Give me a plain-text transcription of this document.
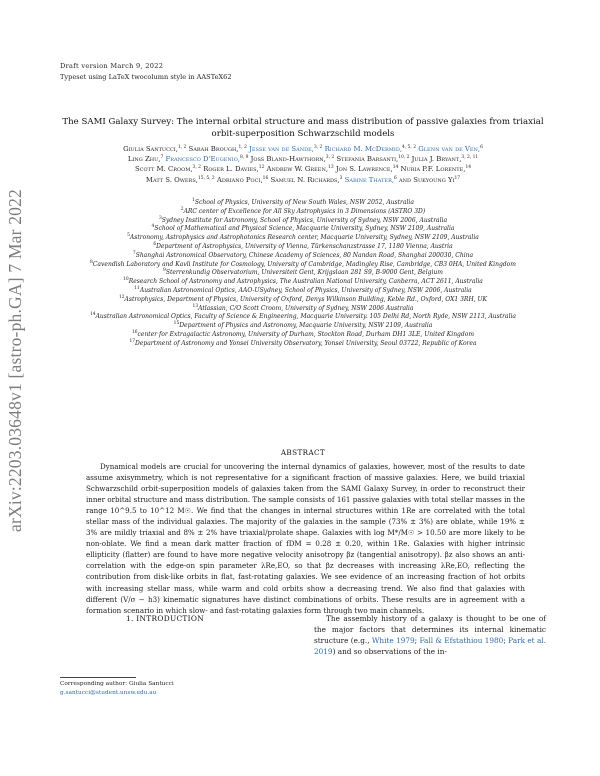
arXiv:2203.03648v1 [astro-ph.GA] 7 Mar 2022
Draft version March 9, 2022
Typeset using LaTeX twocolumn style in AASTeX62
The SAMI Galaxy Survey: The internal orbital structure and mass distribution of passive galaxies from triaxial orbit-superposition Schwarzschild models
Giulia Santucci,$^{1, 2}$ Sarah Brough,$^{1, 2}$ Jesse van de Sande,$^{3, 2}$ Richard M. McDermid,$^{4, 5, 2}$ Glenn van de Ven,$^6$
Ling Zhu,$^7$ Francesco D'Eugenio,$^{8, 9}$ Joss Bland-Hawthorn,$^{3, 2}$ Stefania Barsanti,$^{10, 2}$ Julia J. Bryant,$^{3, 2, 11}$
Scott M. Croom,$^{3, 2}$ Roger L. Davies,$^{12}$ Andrew W. Green,$^{13}$ Jon S. Lawrence,$^{14}$ Nuria P.F. Lorente,$^{14}$
Matt S. Owers,$^{15, 5, 2}$ Adriano Poci,$^{16}$ Samuel N. Richards,$^3$ Sabine Thater,$^6$ and Sukyoung Yi$^{17}$
$^1$School of Physics, University of New South Wales, NSW 2052, Australia
$^2$ARC center of Excellence for All Sky Astrophysics in 3 Dimensions (ASTRO 3D)
$^3$Sydney Institute for Astronomy, School of Physics, University of Sydney, NSW 2006, Australia
$^4$School of Mathematical and Physical Science, Macquarie University, Sydney, NSW 2109, Australia
$^5$Astronomy, Astrophysics and Astrophotonics Research center, Macquarie University, Sydney, NSW 2109, Australia
$^6$Department of Astrophysics, University of Vienna, Türkenschanzstrasse 17, 1180 Vienna, Austria
$^7$Shanghai Astronomical Observatory, Chinese Academy of Sciences, 80 Nandan Road, Shanghai 200030, China
$^8$Cavendish Laboratory and Kavli Institute for Cosmology, University of Cambridge, Madingley Rise, Cambridge, CB3 0HA, United Kingdom
$^9$Sterrenkundig Observatorium, Universiteit Gent, Krijgslaan 281 S9, B-9000 Gent, Belgium
$^{10}$Research School of Astronomy and Astrophysics, The Australian National University, Canberra, ACT 2611, Australia
$^{11}$Australian Astronomical Optics, AAO-USydney, School of Physics, University of Sydney, NSW 2006, Australia
$^{12}$Astrophysics, Department of Physics, University of Oxford, Denys Wilkinson Building, Keble Rd., Oxford, OX1 3RH, UK
$^{13}$Atlassian, C/O Scott Croom, University of Sydney, NSW 2006 Australia
$^{14}$Australian Astronomical Optics, Faculty of Science & Engineering, Macquarie University. 105 Delhi Rd, North Ryde, NSW 2113, Australia
$^{15}$Department of Physics and Astronomy, Macquarie University, NSW 2109, Australia
$^{16}$center for Extragalactic Astronomy, University of Durham, Stockton Road, Durham DH1 3LE, United Kingdom
$^{17}$Department of Astronomy and Yonsei University Observatory, Yonsei University, Seoul 03722, Republic of Korea
ABSTRACT
Dynamical models are crucial for uncovering the internal dynamics of galaxies, however, most of the results to date assume axisymmetry, which is not representative for a significant fraction of massive galaxies. Here, we build triaxial Schwarzschild orbit-superposition models of galaxies taken from the SAMI Galaxy Survey, in order to reconstruct their inner orbital structure and mass distribution. The sample consists of 161 passive galaxies with total stellar masses in the range 10^9.5 to 10^12 M☉. We find that the changes in internal structures within 1Re are correlated with the total stellar mass of the individual galaxies. The majority of the galaxies in the sample (73% ± 3%) are oblate, while 19% ± 3% are mildly triaxial and 8% ± 2% have triaxial/prolate shape. Galaxies with log M*/M☉ > 10.50 are more likely to be non-oblate. We find a mean dark matter fraction of fDM = 0.28 ± 0.20, within 1Re. Galaxies with higher intrinsic ellipticity (flatter) are found to have more negative velocity anisotropy βz (tangential anisotropy). βz also shows an anti-correlation with the edge-on spin parameter λRe,EO, so that βz decreases with increasing λRe,EO, reflecting the contribution from disk-like orbits in flat, fast-rotating galaxies. We see evidence of an increasing fraction of hot orbits with increasing stellar mass, while warm and cold orbits show a decreasing trend. We also find that galaxies with different (V/σ − h3) kinematic signatures have distinct combinations of orbits. These results are in agreement with a formation scenario in which slow- and fast-rotating galaxies form through two main channels.
1. INTRODUCTION
Corresponding author: Giulia Santucci
g.santucci@student.unsw.edu.au
The assembly history of a galaxy is thought to be one of the major factors that determines its internal kinematic structure (e.g., White 1979; Fall & Efstathiou 1980; Park et al. 2019) and so observations of the in-
